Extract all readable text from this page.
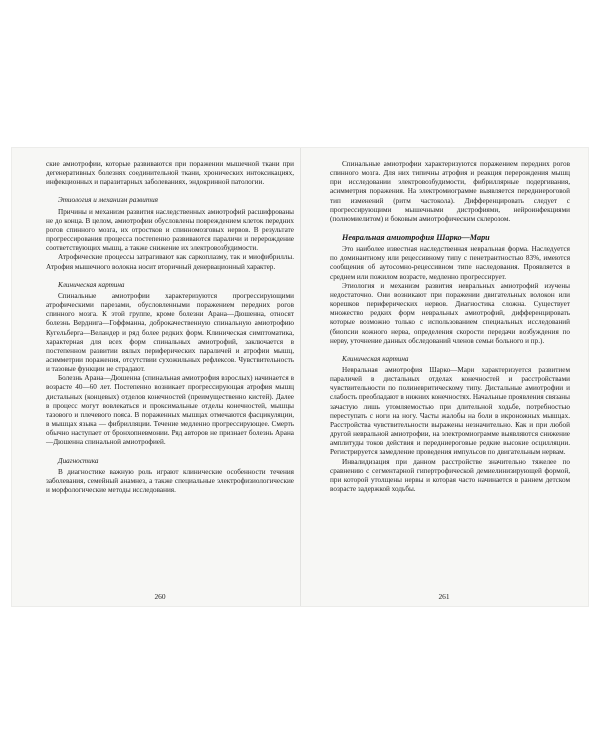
ские амиотрофии, которые развиваются при поражении мышечной ткани при дегенеративных болезнях соединительной ткани, хронических интоксикациях, инфекционных и паразитарных заболеваниях, эндокринной патологии.

Этиология и механизм развития

Причины и механизм развития наследственных амиотрофий расшифрованы не до конца. В целом, амиотрофии обусловлены повреждением клеток передних рогов спинного мозга, их отростков и спинномозговых нервов. В результате прогрессирования процесса постепенно развиваются параличи и перерождение соответствующих мышц, а также снижение их электровозбудимости.

Атрофические процессы затрагивают как саркоплазму, так и миофибриллы. Атрофия мышечного волокна носит вторичный денервационный характер.

Клиническая картина

Спинальные амиотрофии характеризуются прогрессирующими атрофическими парезами, обусловленными поражением передних рогов спинного мозга. К этой группе, кроме болезни Арана—Дюшенна, относят болезнь Верднига—Гоффманна, доброкачественную спинальную амиотрофию Кугельберга—Веландер и ряд более редких форм. Клиническая симптоматика, характерная для всех форм спинальных амиотрофий, заключается в постепенном развитии вялых периферических параличей и атрофии мышц, асимметрии поражения, отсутствии сухожильных рефлексов. Чувствительность и тазовые функции не страдают.

Болезнь Арана—Дюшенна (спинальная амиотрофия взрослых) начинается в возрасте 40—60 лет. Постепенно возникает прогрессирующая атрофия мышц дистальных (концевых) отделов конечностей (преимущественно кистей). Далее в процесс могут вовлекаться и проксимальные отделы конечностей, мышцы тазового и плечевого пояса. В пораженных мышцах отмечаются фасцикуляции, в мышцах языка — фибрилляции. Течение медленно прогрессирующее. Смерть обычно наступает от бронхопневмонии. Ряд авторов не признает болезнь Арана—Дюшенна спинальной амиотрофией.

Диагностика

В диагностике важную роль играют клинические особенности течения заболевания, семейный анамнез, а также специальные электрофизиологические и морфологические методы исследования.

260

Спинальные амиотрофии характеризуются поражением передних рогов спинного мозга. Для них типичны атрофия и реакция перерождения мышц при исследовании электровозбудимости, фибриллярные подергивания, асимметрия поражения. На электромиограмме выявляется передниероговой тип изменений (ритм частокола). Дифференцировать следует с прогрессирующими мышечными дистрофиями, нейроинфекциями (полиомиелитом) и боковым амиотрофическим склерозом.

Невральная амиотрофия Шарко—Мари

Это наиболее известная наследственная невральная форма. Наследуется по доминантному или рецессивному типу с пенетрантностью 83%, имеются сообщения об аутосомно-рецессивном типе наследования. Проявляется в среднем или пожилом возрасте, медленно прогрессирует.

Этиология и механизм развития невральных амиотрофий изучены недостаточно. Они возникают при поражении двигательных волокон или корешков периферических нервов. Диагностика сложна. Существует множество редких форм невральных амиотрофий, дифференцировать которые возможно только с использованием специальных исследований (биопсии кожного нерва, определения скорости передачи возбуждения по нерву, уточнение данных обследований членов семьи больного и пр.).

Клиническая картина

Невральная амиотрофия Шарко—Мари характеризуется развитием параличей в дистальных отделах конечностей и расстройствами чувствительности по полиневритическому типу. Дистальные амиотрофии и слабость преобладают в нижних конечностях. Начальные проявления связаны зачастую лишь утомляемостью при длительной ходьбе, потребностью переступать с ноги на ногу. Часты жалобы на боли в икроножных мышцах. Расстройства чувствительности выражены незначительно. Как и при любой другой невральной амиотрофии, на электромиограмме выявляются снижение амплитуды токов действия и передниероговые редкие высокие осцилляции. Регистрируется замедление проведения импульсов по двигательным нервам.

Инвалидизация при данном расстройстве значительно тяжелее по сравнению с сегментарной гипертрофической демиелинизирующей формой, при которой утолщены нервы и которая часто начинается в раннем детском возрасте задержкой ходьбы.

261
